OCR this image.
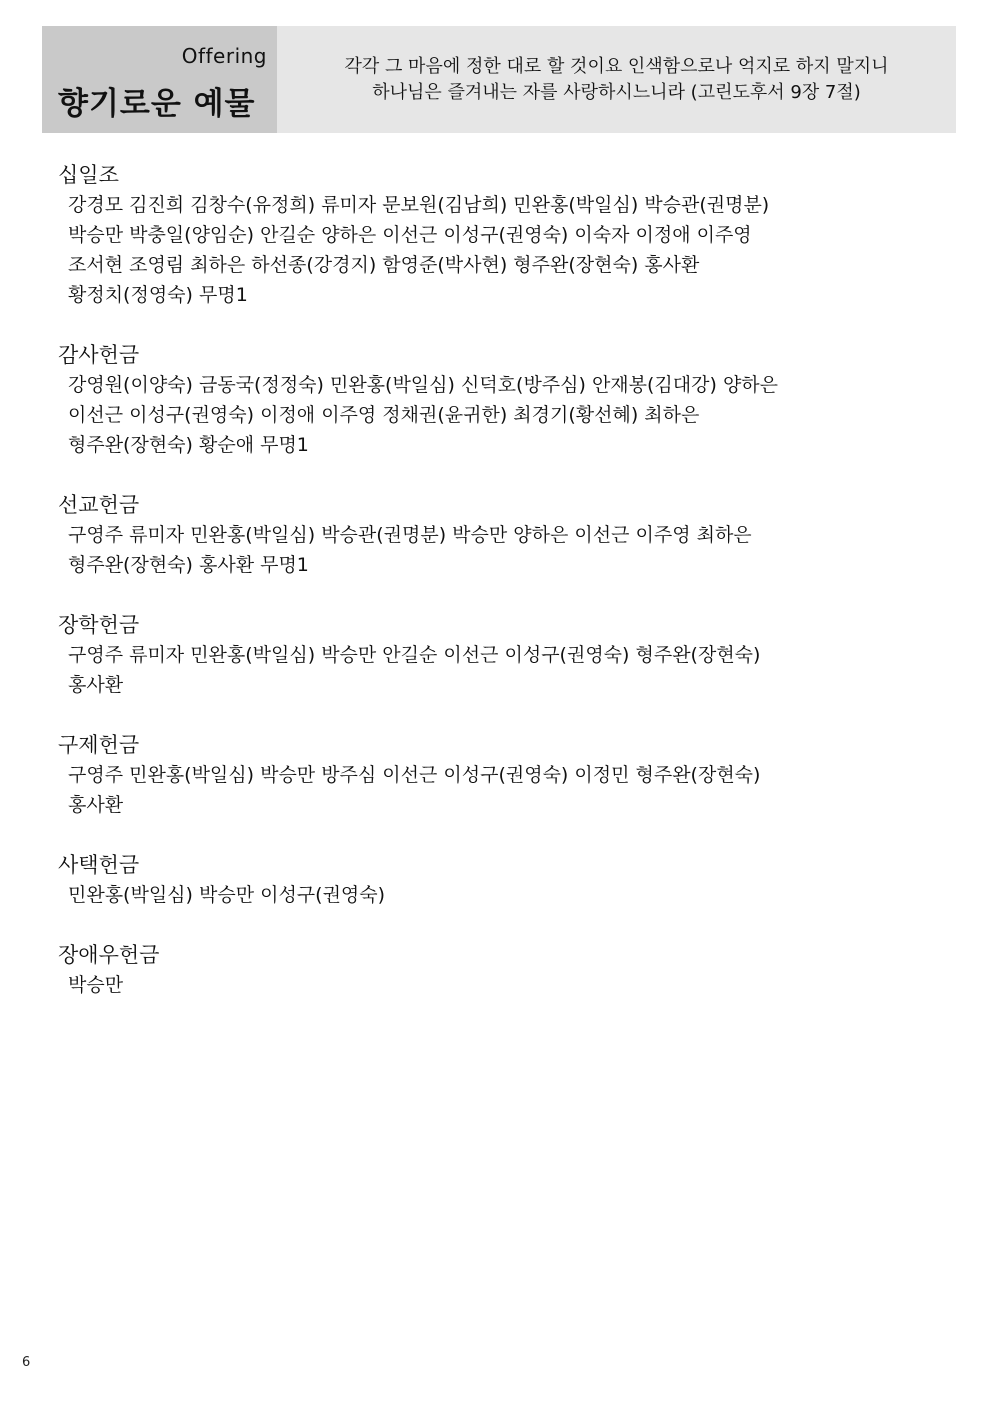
Offering
향기로운 예물
각각 그 마음에 정한 대로 할 것이요 인색함으로나 억지로 하지 말지니
하나님은 즐겨내는 자를 사랑하시느니라 (고린도후서 9장 7절)
십일조
강경모 김진희 김창수(유정희) 류미자 문보원(김남희) 민완홍(박일심) 박승관(권명분)
박승만 박충일(양임순) 안길순 양하은 이선근 이성구(권영숙) 이숙자 이정애 이주영
조서현 조영림 최하은 하선종(강경지) 함영준(박사현) 형주완(장현숙) 홍사환
황정치(정영숙) 무명1
감사헌금
강영원(이양숙) 금동국(정정숙) 민완홍(박일심) 신덕호(방주심) 안재봉(김대강) 양하은
이선근 이성구(권영숙) 이정애 이주영 정채권(윤귀한) 최경기(황선혜) 최하은
형주완(장현숙) 황순애 무명1
선교헌금
구영주 류미자 민완홍(박일심) 박승관(권명분) 박승만 양하은 이선근 이주영 최하은
형주완(장현숙) 홍사환 무명1
장학헌금
구영주 류미자 민완홍(박일심) 박승만 안길순 이선근 이성구(권영숙) 형주완(장현숙)
홍사환
구제헌금
구영주 민완홍(박일심) 박승만 방주심 이선근 이성구(권영숙) 이정민 형주완(장현숙)
홍사환
사택헌금
민완홍(박일심) 박승만 이성구(권영숙)
장애우헌금
박승만
6
